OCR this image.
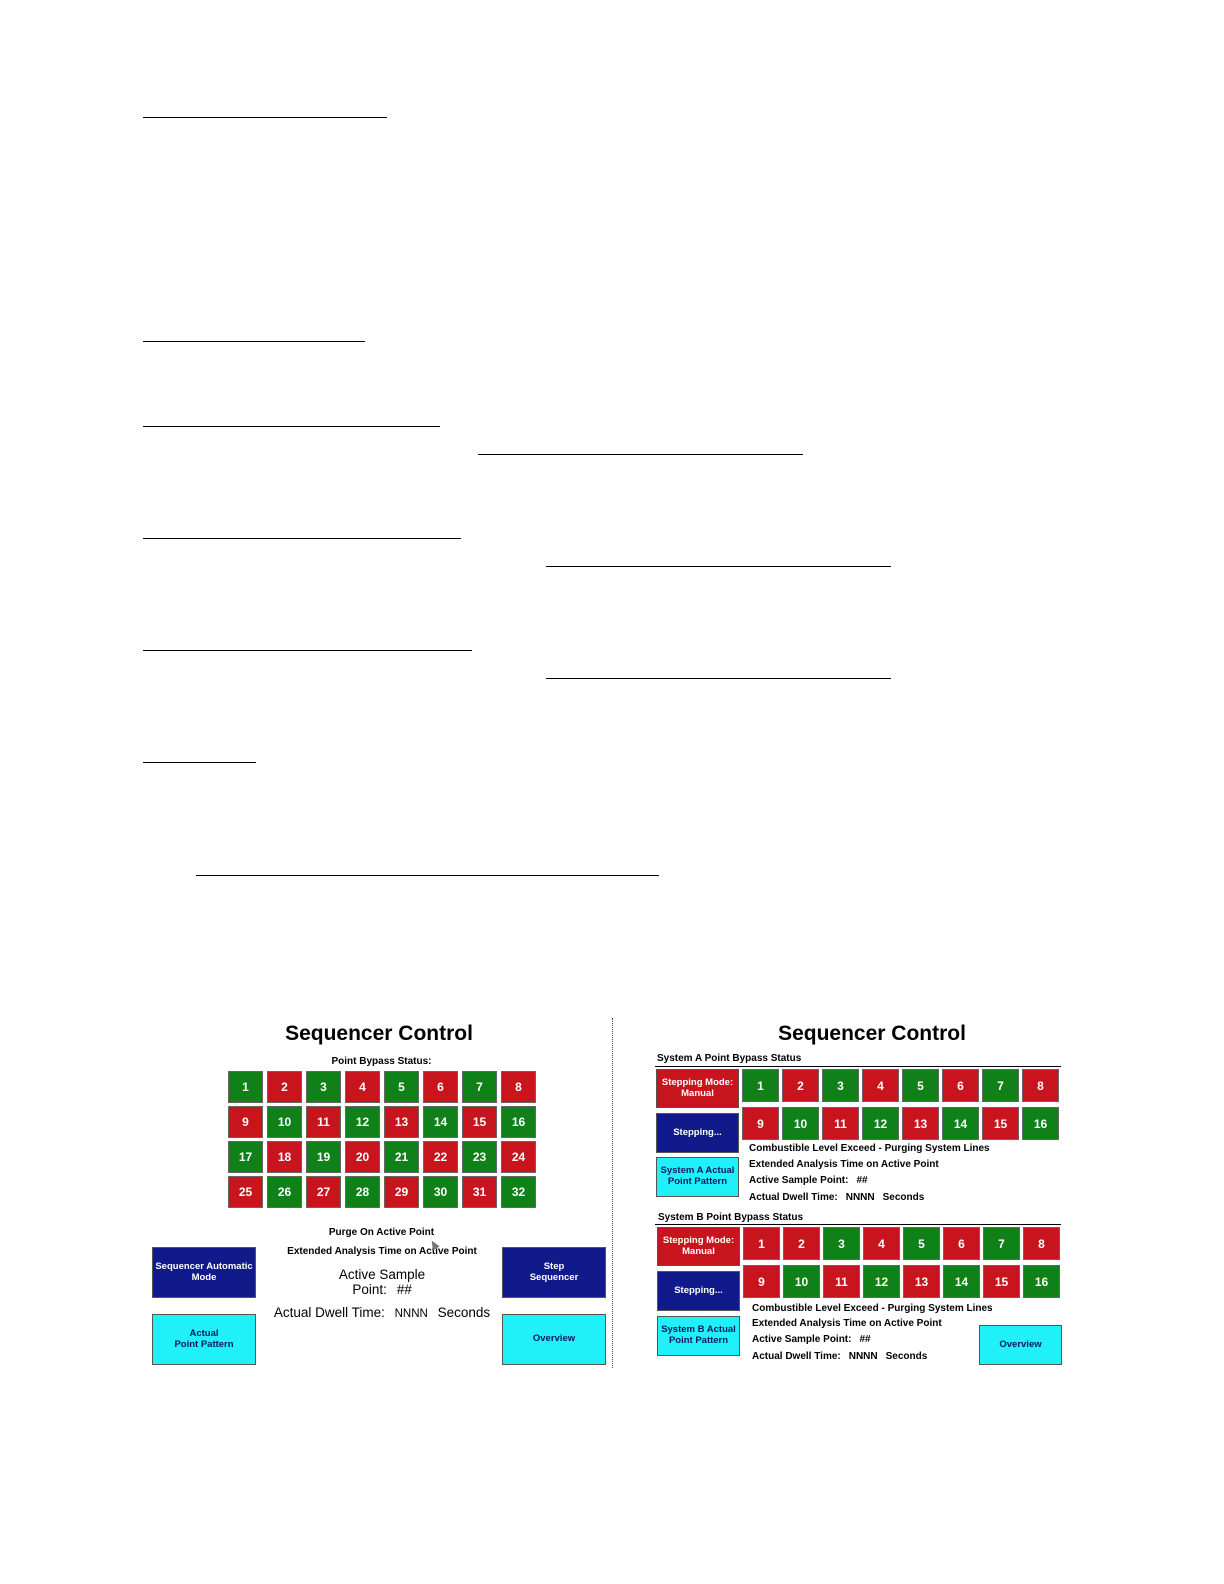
Sequencer Control
Point Bypass Status:
1	2	3	4	5	6	7	8
9	10	11	12	13	14	15	16
17	18	19	20	21	22	23	24
25	26	27	28	29	30	31	32
Purge On Active Point
Extended Analysis Time on Active Point
Active Sample
Point: ##
Actual Dwell Time: NNNN Seconds
Sequencer Automatic
Mode
Actual
Point Pattern
Step
Sequencer
Overview
Sequencer Control
System A Point Bypass Status
Stepping Mode:
Manual
Stepping...
System A Actual
Point Pattern
1	2	3	4	5	6	7	8
9	10	11	12	13	14	15	16
Combustible Level Exceed - Purging System Lines
Extended Analysis Time on Active Point
Active Sample Point: ##
Actual Dwell Time: NNNN Seconds
System B Point Bypass Status
Stepping Mode:
Manual
Stepping...
System B Actual
Point Pattern
1	2	3	4	5	6	7	8
9	10	11	12	13	14	15	16
Combustible Level Exceed - Purging System Lines
Extended Analysis Time on Active Point
Active Sample Point: ##
Actual Dwell Time: NNNN Seconds
Overview
